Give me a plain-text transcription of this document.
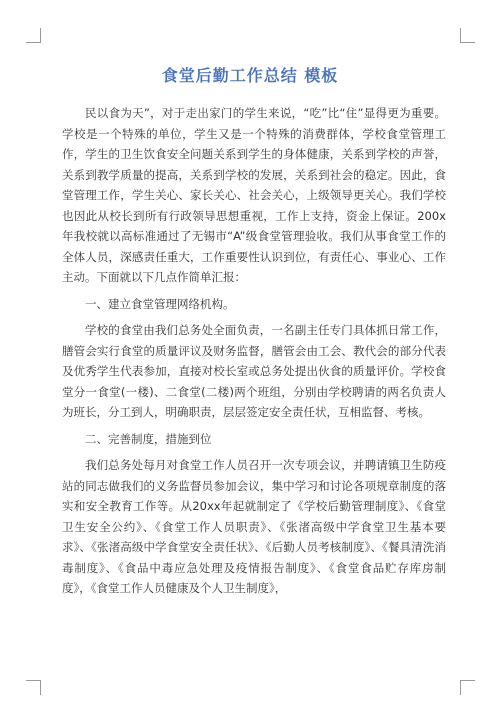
食堂后勤工作总结 模板

民以食为天”，对于走出家门的学生来说，“吃”比“住”显得更为重要。学校是一个特殊的单位，学生又是一个特殊的消费群体，学校食堂管理工作，学生的卫生饮食安全问题关系到学生的身体健康，关系到学校的声誉，关系到教学质量的提高，关系到学校的发展，关系到社会的稳定。因此，食堂管理工作，学生关心、家长关心、社会关心，上级领导更关心。我们学校也因此从校长到所有行政领导思想重视，工作上支持，资金上保证。200x年我校就以高标准通过了无锡市“A”级食堂管理验收。我们从事食堂工作的全体人员，深感责任重大，工作重要性认识到位，有责任心、事业心、工作主动。下面就以下几点作简单汇报：

一、建立食堂管理网络机构。

学校的食堂由我们总务处全面负责，一名副主任专门具体抓日常工作，膳管会实行食堂的质量评议及财务监督，膳管会由工会、教代会的部分代表及优秀学生代表参加，直接对校长室或总务处提出伙食的质量评价。学校食堂分一食堂(一楼)、二食堂(二楼)两个班组，分别由学校聘请的两名负责人为班长，分工到人，明确职责，层层签定安全责任状，互相监督、考核。

二、完善制度，措施到位

我们总务处每月对食堂工作人员召开一次专项会议，并聘请镇卫生防疫站的同志做我们的义务监督员参加会议，集中学习和讨论各项规章制度的落实和安全教育工作等。从20xx年起就制定了《学校后勤管理制度》、《食堂卫生安全公约》、《食堂工作人员职责》、《张渚高级中学食堂卫生基本要求》、《张渚高级中学食堂安全责任状》、《后勤人员考核制度》、《餐具清洗消毒制度》、《食品中毒应急处理及疫情报告制度》、《食堂食品贮存库房制度》，《食堂工作人员健康及个人卫生制度》，
